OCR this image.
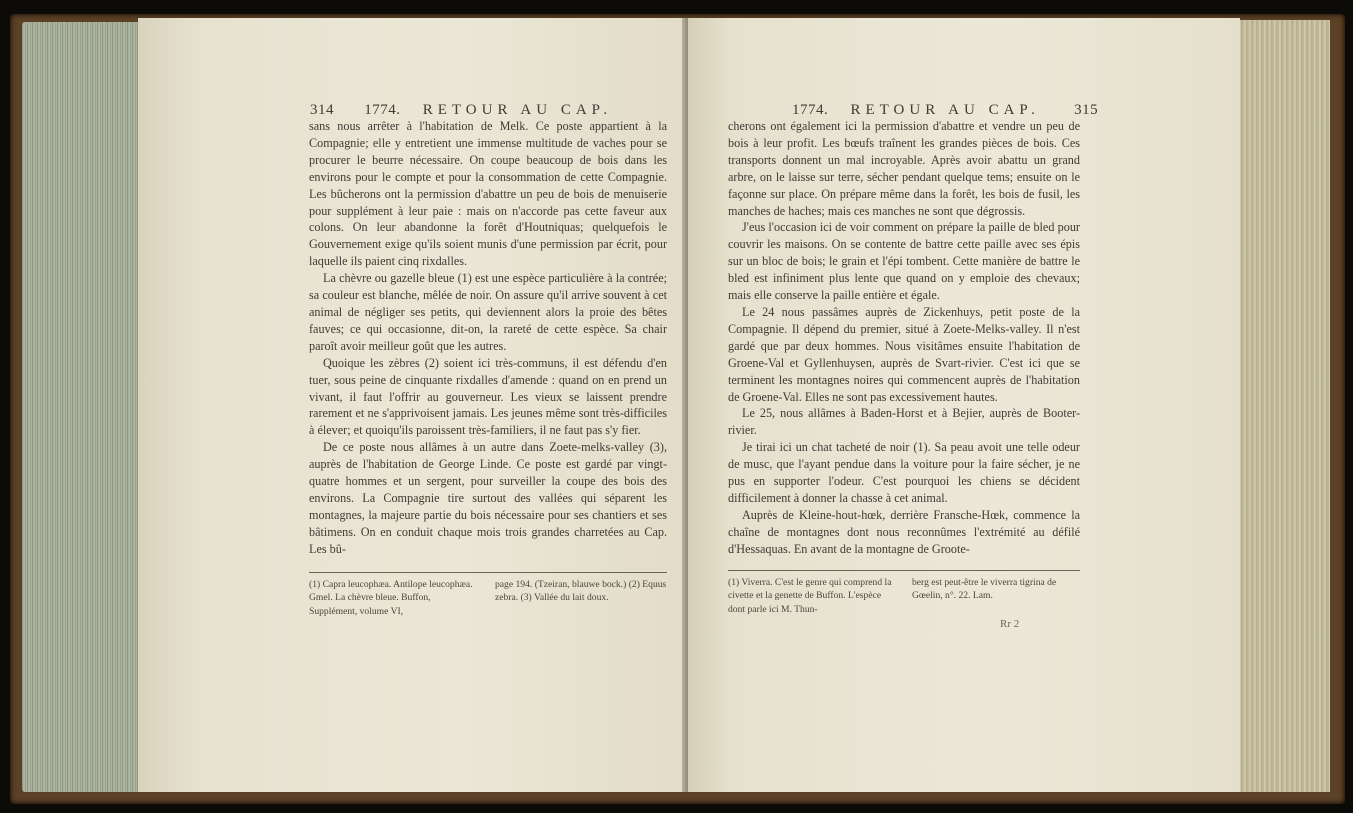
314 1774. RETOUR AU CAP.

sans nous arrêter à l'habitation de Melk. Ce poste appartient à la Compagnie; elle y entretient une immense multitude de vaches pour se procurer le beurre nécessaire. On coupe beaucoup de bois dans les environs pour le compte et pour la consommation de cette Compagnie. Les bûcherons ont la permission d'abattre un peu de bois de menuiserie pour supplément à leur paie : mais on n'accorde pas cette faveur aux colons. On leur abandonne la forêt d'Houtniquas; quelquefois le Gouvernement exige qu'ils soient munis d'une permission par écrit, pour laquelle ils paient cinq rixdalles.

La chèvre ou gazelle bleue (1) est une espèce particulière à la contrée; sa couleur est blanche, mêlée de noir. On assure qu'il arrive souvent à cet animal de négliger ses petits, qui deviennent alors la proie des bêtes fauves; ce qui occasionne, dit-on, la rareté de cette espèce. Sa chair paroît avoir meilleur goût que les autres.

Quoique les zèbres (2) soient ici très-communs, il est défendu d'en tuer, sous peine de cinquante rixdalles d'amende : quand on en prend un vivant, il faut l'offrir au gouverneur. Les vieux se laissent prendre rarement et ne s'apprivoisent jamais. Les jeunes même sont très-difficiles à élever; et quoiqu'ils paroissent très-familiers, il ne faut pas s'y fier.

De ce poste nous allâmes à un autre dans Zoete-melks-valley (3), auprès de l'habitation de George Linde. Ce poste est gardé par vingt-quatre hommes et un sergent, pour surveiller la coupe des bois des environs. La Compagnie tire surtout des vallées qui séparent les montagnes, la majeure partie du bois nécessaire pour ses chantiers et ses bâtimens. On en conduit chaque mois trois grandes charretées au Cap. Les bû-

(1) Capra leucophæa. Antilope leucophæa. Gmel. La chèvre bleue. Buffon, Supplément, volume VI,
page 194. (Tzeiran, blauwe bock.) (2) Equus zebra. (3) Vallée du lait doux.
1774. RETOUR AU CAP. 315

cherons ont également ici la permission d'abattre et vendre un peu de bois à leur profit. Les bœufs traînent les grandes pièces de bois. Ces transports donnent un mal incroyable. Après avoir abattu un grand arbre, on le laisse sur terre, sécher pendant quelque tems; ensuite on le façonne sur place. On prépare même dans la forêt, les bois de fusil, les manches de haches; mais ces manches ne sont que dégrossis.

J'eus l'occasion ici de voir comment on prépare la paille de bled pour couvrir les maisons. On se contente de battre cette paille avec ses épis sur un bloc de bois; le grain et l'épi tombent. Cette manière de battre le bled est infiniment plus lente que quand on y emploie des chevaux; mais elle conserve la paille entière et égale.

Le 24 nous passâmes auprès de Zickenhuys, petit poste de la Compagnie. Il dépend du premier, situé à Zoete-Melks-valley. Il n'est gardé que par deux hommes. Nous visitâmes ensuite l'habitation de Groene-Val et Gyllenhuysen, auprès de Svart-rivier. C'est ici que se terminent les montagnes noires qui commencent auprès de l'habitation de Groene-Val. Elles ne sont pas excessivement hautes.

Le 25, nous allâmes à Baden-Horst et à Bejier, auprès de Booter-rivier.

Je tirai ici un chat tacheté de noir (1). Sa peau avoit une telle odeur de musc, que l'ayant pendue dans la voiture pour la faire sécher, je ne pus en supporter l'odeur. C'est pourquoi les chiens se décident difficilement à donner la chasse à cet animal.

Auprès de Kleine-hout-hœk, derrière Fransche-Hœk, commence la chaîne de montagnes dont nous reconnûmes l'extrémité au défilé d'Hessaquas. En avant de la montagne de Groote-

(1) Viverra. C'est le genre qui comprend la civette et la genette de Buffon. L'espèce dont parle ici M. Thun-
berg est peut-être le viverra tigrina de Gœelin, n°. 22. Lam.
Rr 2
